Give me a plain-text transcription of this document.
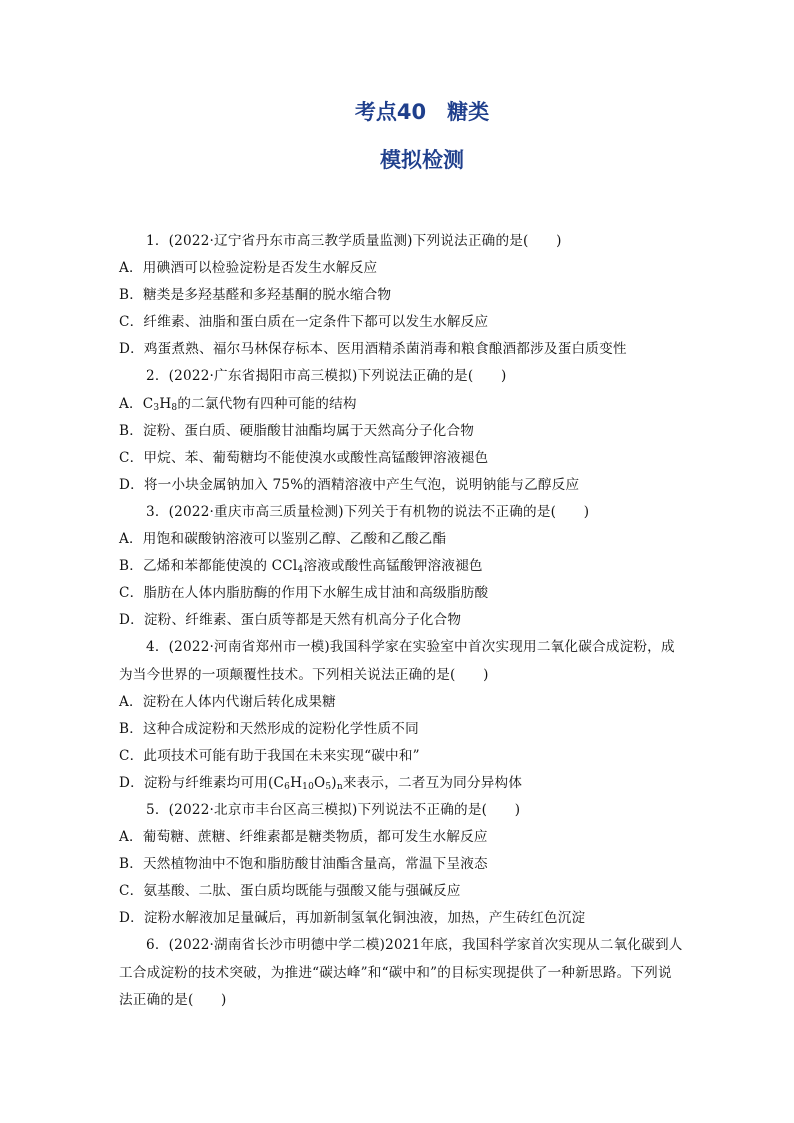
考点40　糖类
模拟检测
1．(2022·辽宁省丹东市高三教学质量监测)下列说法正确的是(　　)
A．用碘酒可以检验淀粉是否发生水解反应
B．糖类是多羟基醛和多羟基酮的脱水缩合物
C．纤维素、油脂和蛋白质在一定条件下都可以发生水解反应
D．鸡蛋煮熟、福尔马林保存标本、医用酒精杀菌消毒和粮食酿酒都涉及蛋白质变性
2．(2022·广东省揭阳市高三模拟)下列说法正确的是(　　)
A．$C_3H_8$的二氯代物有四种可能的结构
B．淀粉、蛋白质、硬脂酸甘油酯均属于天然高分子化合物
C．甲烷、苯、葡萄糖均不能使溴水或酸性高锰酸钾溶液褪色
D．将一小块金属钠加入 75%的酒精溶液中产生气泡，说明钠能与乙醇反应
3．(2022·重庆市高三质量检测)下列关于有机物的说法不正确的是(　　)
A．用饱和碳酸钠溶液可以鉴别乙醇、乙酸和乙酸乙酯
B．乙烯和苯都能使溴的 CCl$_4$溶液或酸性高锰酸钾溶液褪色
C．脂肪在人体内脂肪酶的作用下水解生成甘油和高级脂肪酸
D．淀粉、纤维素、蛋白质等都是天然有机高分子化合物
4．(2022·河南省郑州市一模)我国科学家在实验室中首次实现用二氧化碳合成淀粉，成
为当今世界的一项颠覆性技术。下列相关说法正确的是(　　)
A．淀粉在人体内代谢后转化成果糖
B．这种合成淀粉和天然形成的淀粉化学性质不同
C．此项技术可能有助于我国在未来实现“碳中和”
D．淀粉与纤维素均可用$(C_6H_{10}O_5)_n$来表示，二者互为同分异构体
5．(2022·北京市丰台区高三模拟)下列说法不正确的是(　　)
A．葡萄糖、蔗糖、纤维素都是糖类物质，都可发生水解反应
B．天然植物油中不饱和脂肪酸甘油酯含量高，常温下呈液态
C．氨基酸、二肽、蛋白质均既能与强酸又能与强碱反应
D．淀粉水解液加足量碱后，再加新制氢氧化铜浊液，加热，产生砖红色沉淀
6．(2022·湖南省长沙市明德中学二模)2021年底，我国科学家首次实现从二氧化碳到人
工合成淀粉的技术突破，为推进“碳达峰”和“碳中和”的目标实现提供了一种新思路。下列说
法正确的是(　　)
